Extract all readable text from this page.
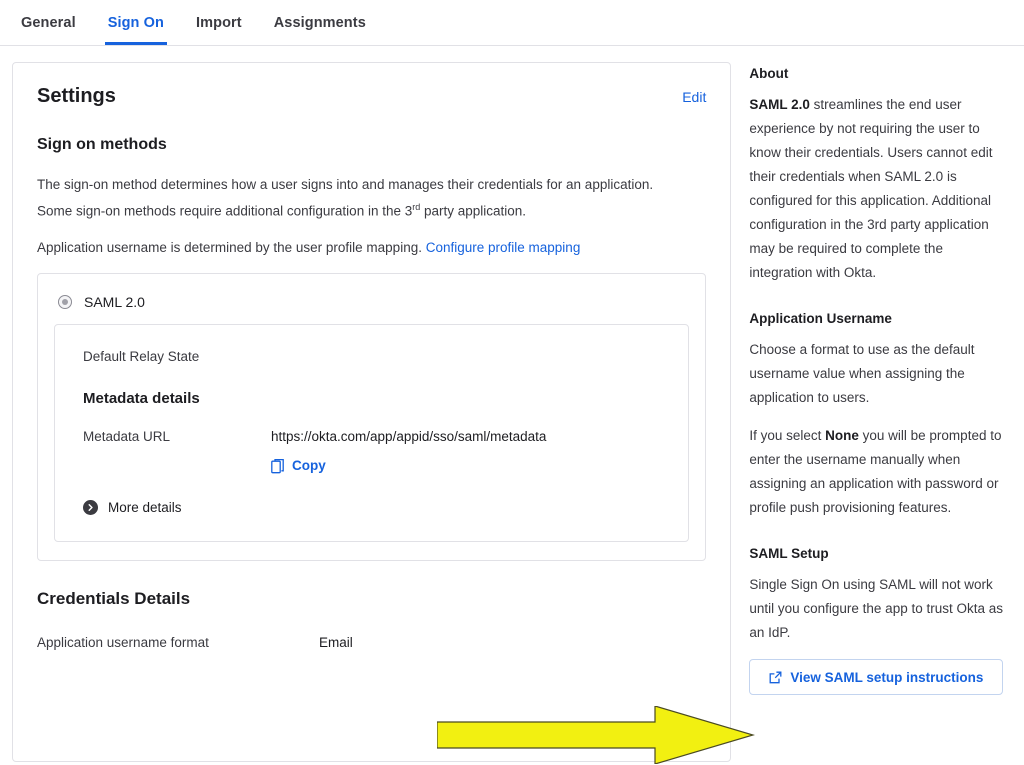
General Sign On Import Assignments
Settings	Edit
Sign on methods

The sign-on method determines how a user signs into and manages their credentials for an application. Some sign-on methods require additional configuration in the 3rd party application.

Application username is determined by the user profile mapping. Configure profile mapping

SAML 2.0
Default Relay State
Metadata details
Metadata URL	https://okta.com/app/appid/sso/saml/metadata
Copy
More details
Credentials Details
Application username format	Email
About

SAML 2.0 streamlines the end user experience by not requiring the user to know their credentials. Users cannot edit their credentials when SAML 2.0 is configured for this application. Additional configuration in the 3rd party application may be required to complete the integration with Okta.

Application Username

Choose a format to use as the default username value when assigning the application to users.

If you select None you will be prompted to enter the username manually when assigning an application with password or profile push provisioning features.

SAML Setup

Single Sign On using SAML will not work until you configure the app to trust Okta as an IdP.

View SAML setup instructions
